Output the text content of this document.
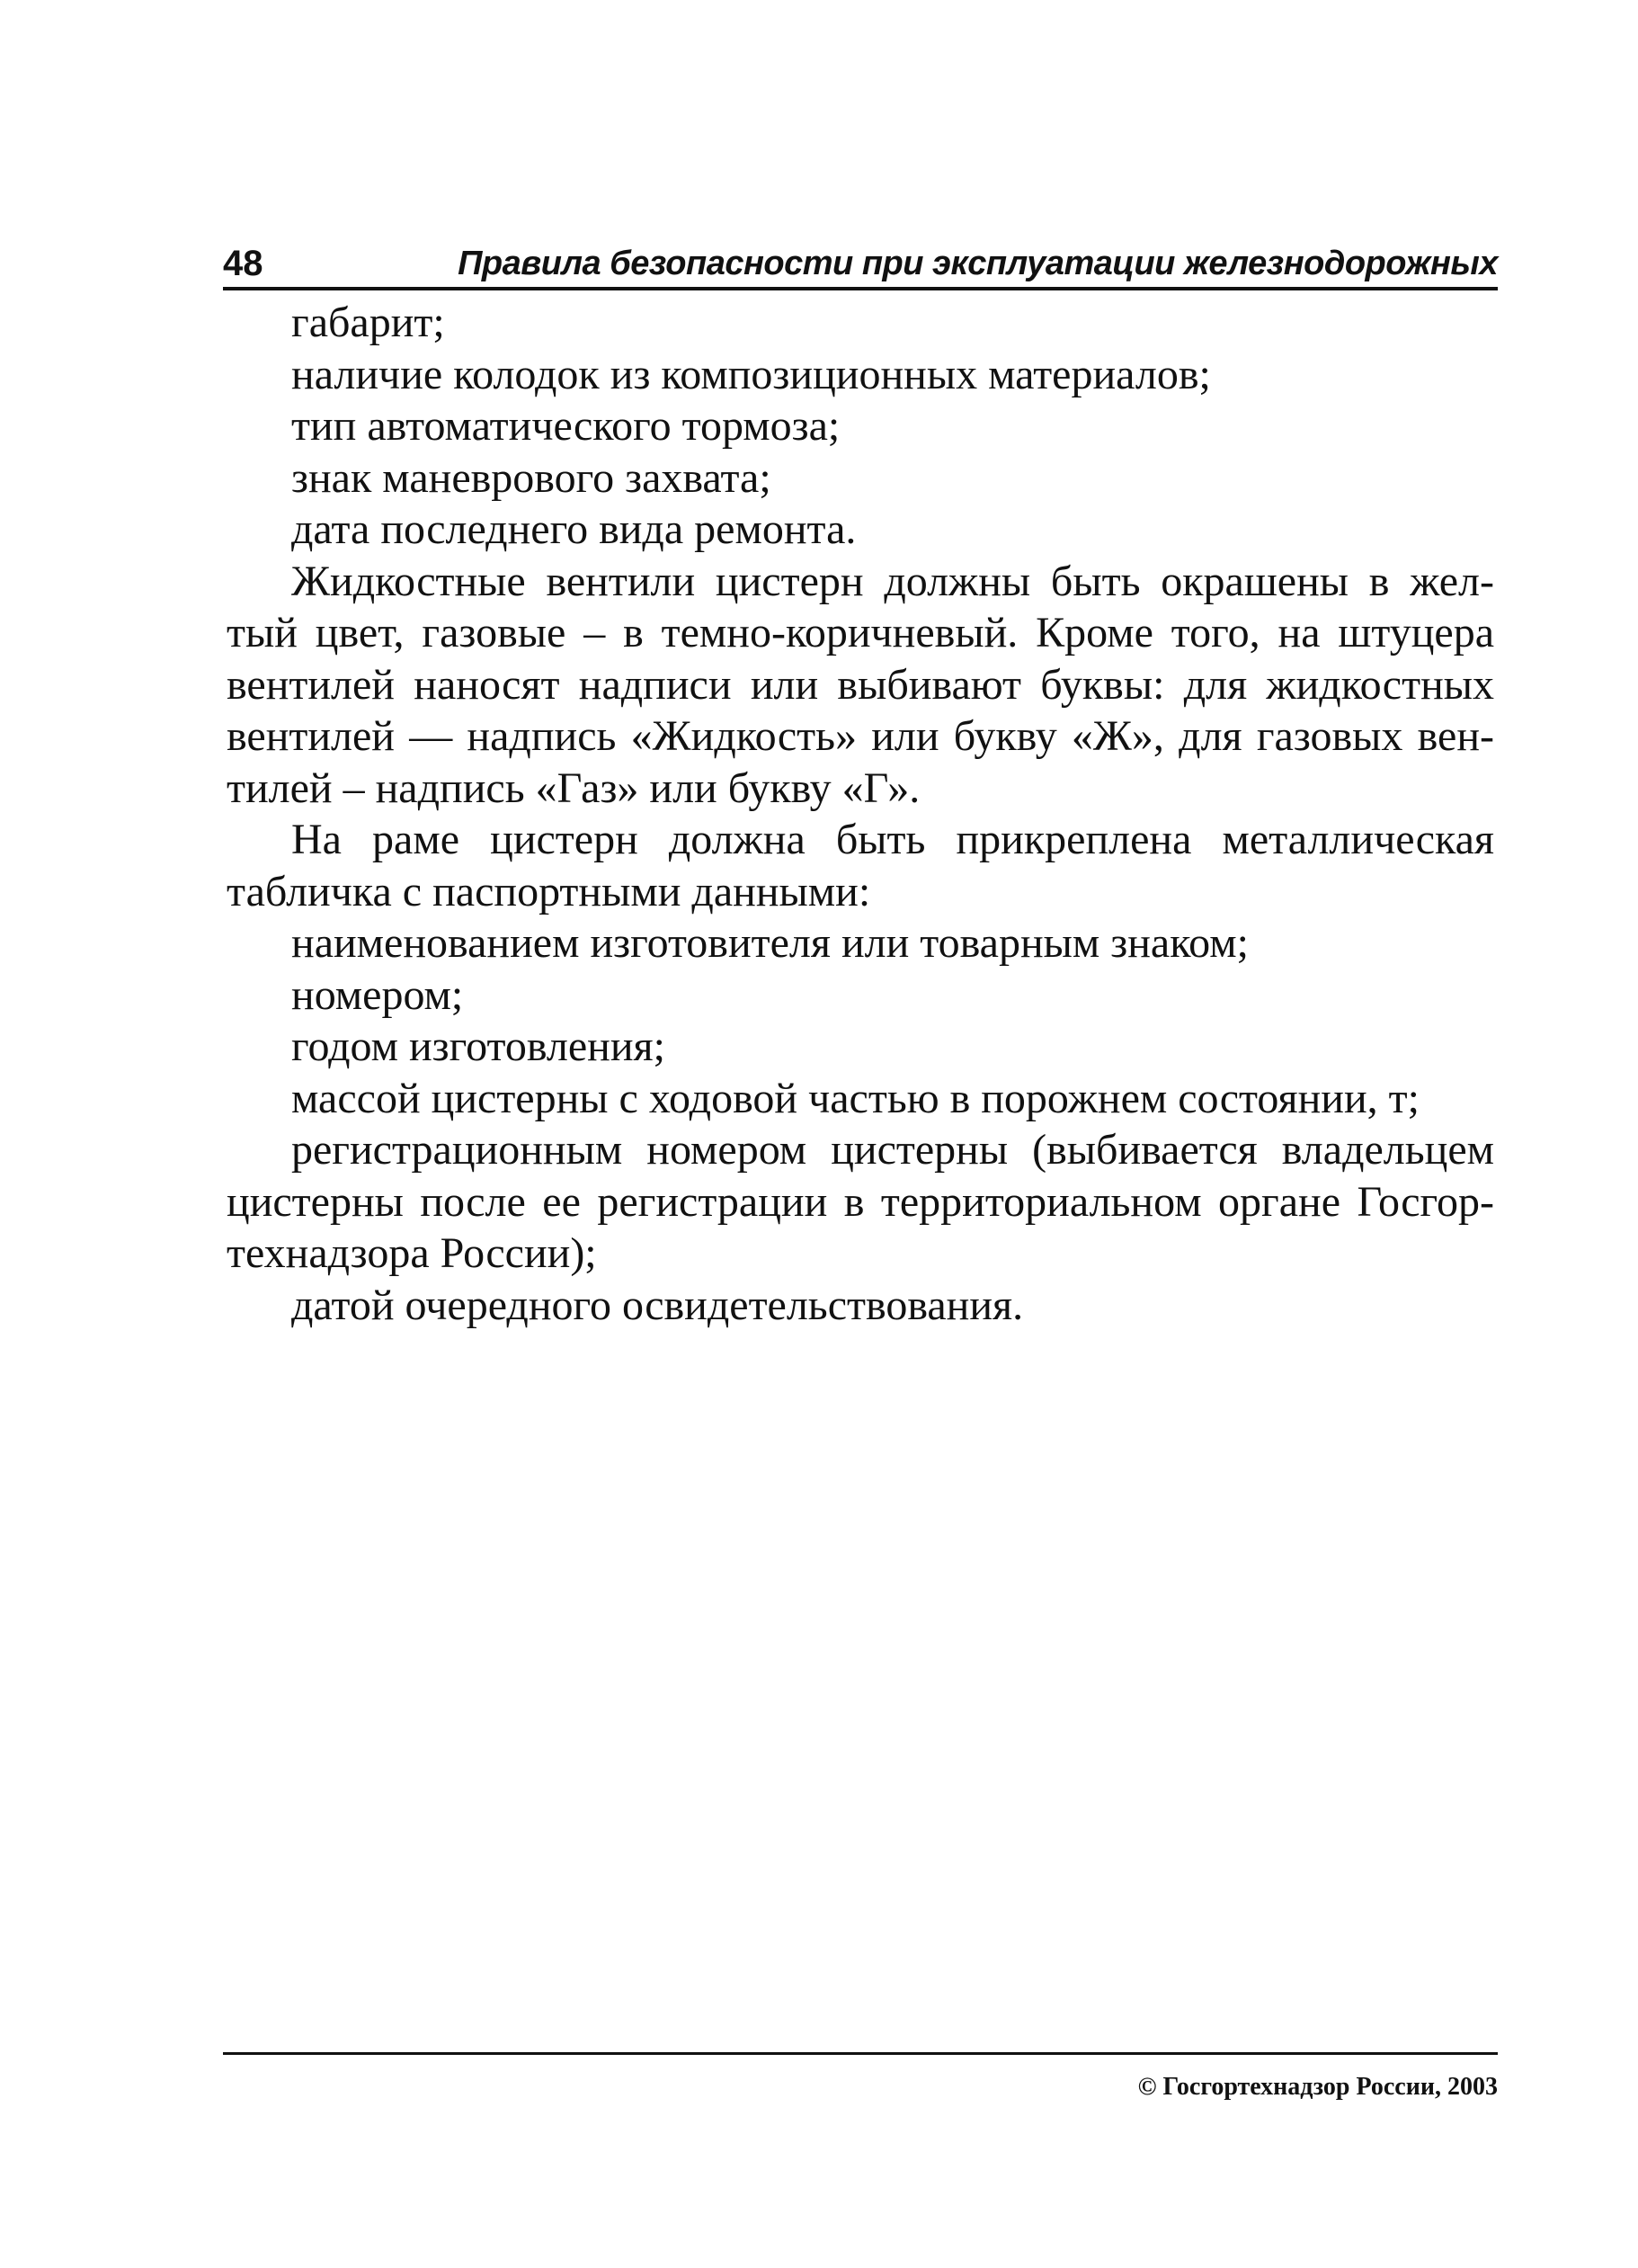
48	Правила безопасности при эксплуатации железнодорожных
габарит;
наличие колодок из композиционных материалов;
тип автоматического тормоза;
знак маневрового захвата;
дата последнего вида ремонта.
Жидкостные вентили цистерн должны быть окрашены в жел-
тый цвет, газовые – в темно-коричневый. Кроме того, на штуцера
вентилей наносят надписи или выбивают буквы: для жидкостных
вентилей — надпись «Жидкость» или букву «Ж», для газовых вен-
тилей – надпись «Газ» или букву «Г».
На раме цистерн должна быть прикреплена металлическая
табличка с паспортными данными:
наименованием изготовителя или товарным знаком;
номером;
годом изготовления;
массой цистерны с ходовой частью в порожнем состоянии, т;
регистрационным номером цистерны (выбивается владельцем
цистерны после ее регистрации в территориальном органе Госгор-
технадзора России);
датой очередного освидетельствования.
© Госгортехнадзор России, 2003
